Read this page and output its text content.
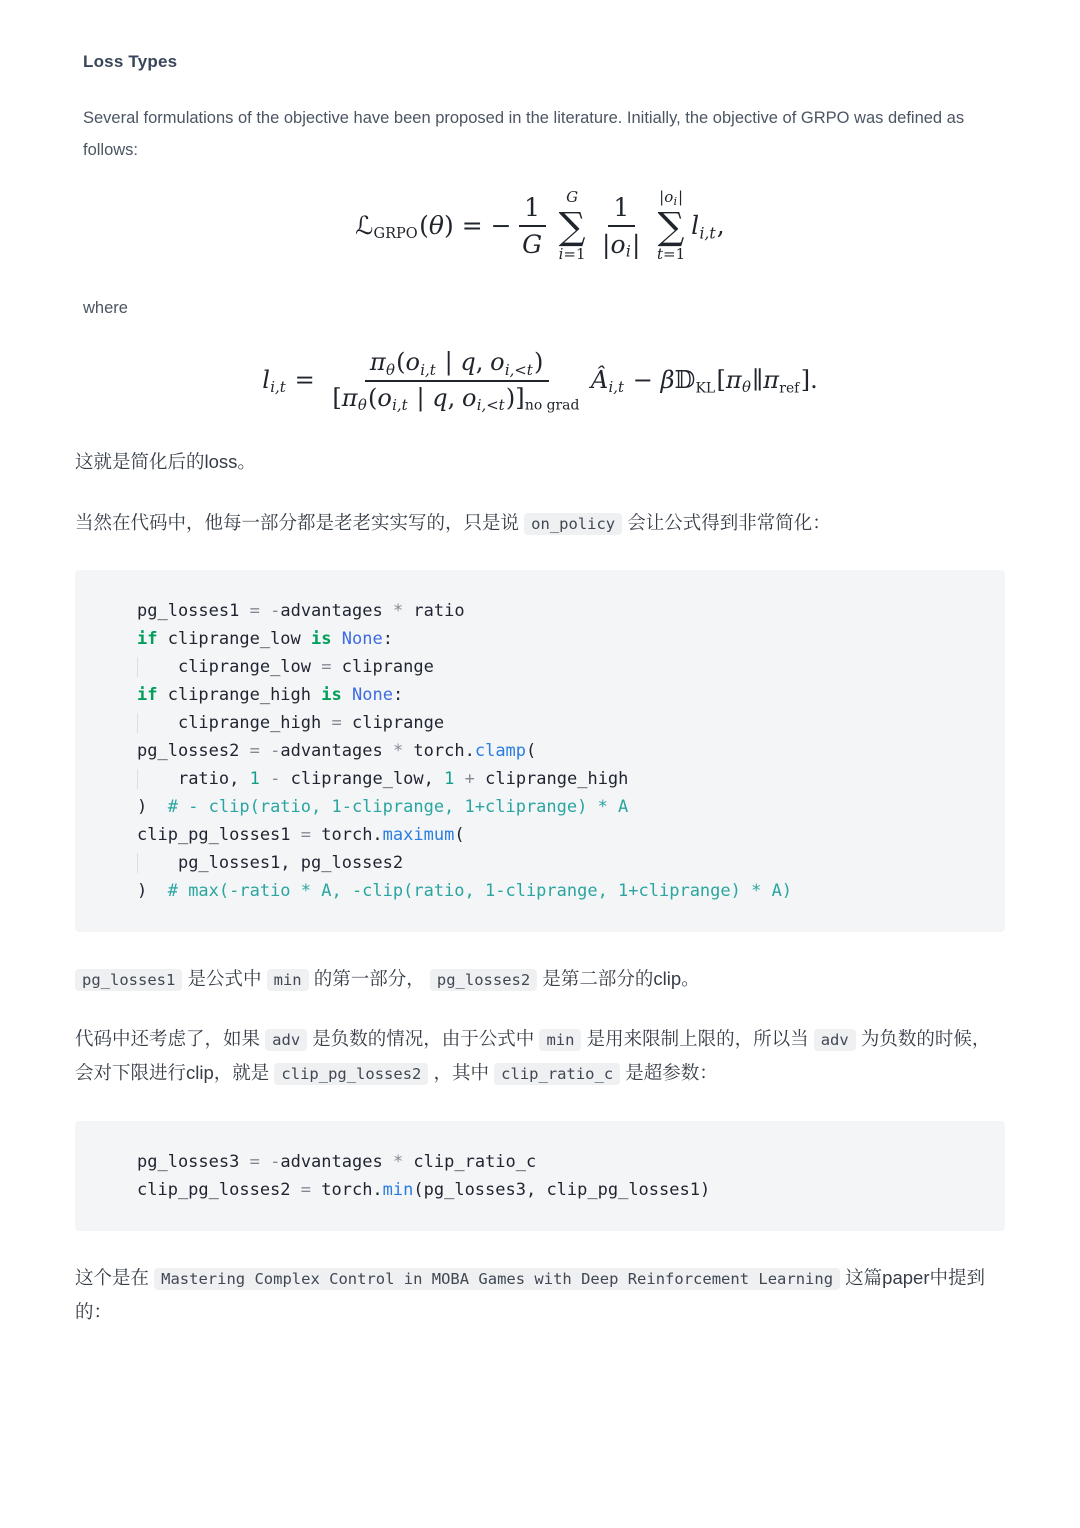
Loss Types

Several formulations of the objective have been proposed in the literature. Initially, the objective of GRPO was defined as follows:

ℒ GRPO ( θ ) = − $\frac{1}{G}$ G
∑
i =1
1
| o i |
| o i |
∑
t =1
l i,t ,

where

l i,t =
π θ ( o i,t | q , o i,<t )
[ π θ ( o i,t | q , o i,<t ) ] no grad
Â i,t − β 𝔻 KL [ π θ ∥ π ref ] .

这就是简化后的loss。

当然在代码中，他每一部分都是老老实实写的，只是说 on_policy 会让公式得到非常简化：

pg_losses1 = -advantages * ratio
if cliprange_low is None:
cliprange_low = cliprange
if cliprange_high is None:
cliprange_high = cliprange
pg_losses2 = -advantages * torch.clamp(
ratio, 1 - cliprange_low, 1 + cliprange_high
)  # - clip(ratio, 1-cliprange, 1+cliprange) * A
clip_pg_losses1 = torch.maximum(
pg_losses1, pg_losses2
)  # max(-ratio * A, -clip(ratio, 1-cliprange, 1+cliprange) * A)

pg_losses1 是公式中 min 的第一部分， pg_losses2 是第二部分的clip。

代码中还考虑了，如果 adv 是负数的情况，由于公式中 min 是用来限制上限的，所以当 adv 为负数的时候，会对下限进行clip，就是 clip_pg_losses2 ，其中 clip_ratio_c 是超参数：

pg_losses3 = -advantages * clip_ratio_c
clip_pg_losses2 = torch.min(pg_losses3, clip_pg_losses1)

这个是在 Mastering Complex Control in MOBA Games with Deep Reinforcement Learning 这篇paper中提到的：
